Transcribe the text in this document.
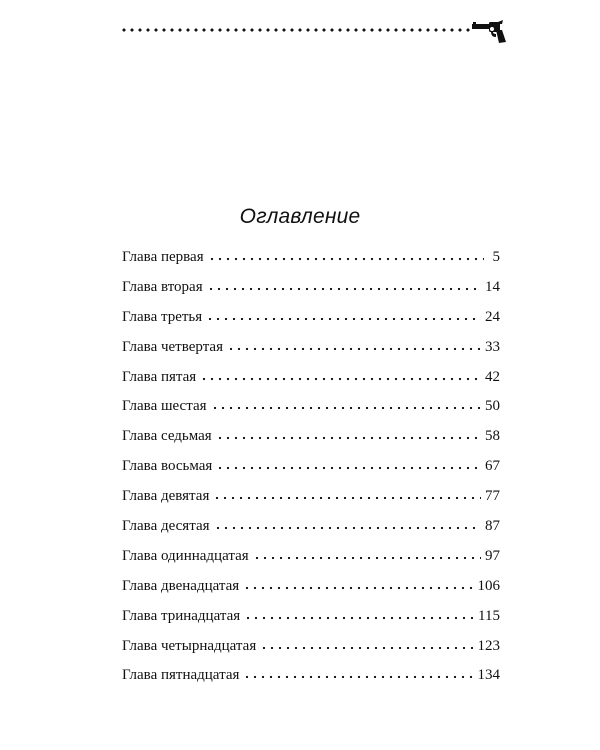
Оглавление
Глава первая	5
Глава вторая	14
Глава третья	24
Глава четвертая	33
Глава пятая	42
Глава шестая	50
Глава седьмая	58
Глава восьмая	67
Глава девятая	77
Глава десятая	87
Глава одиннадцатая	97
Глава двенадцатая	106
Глава тринадцатая	115
Глава четырнадцатая	123
Глава пятнадцатая	134
